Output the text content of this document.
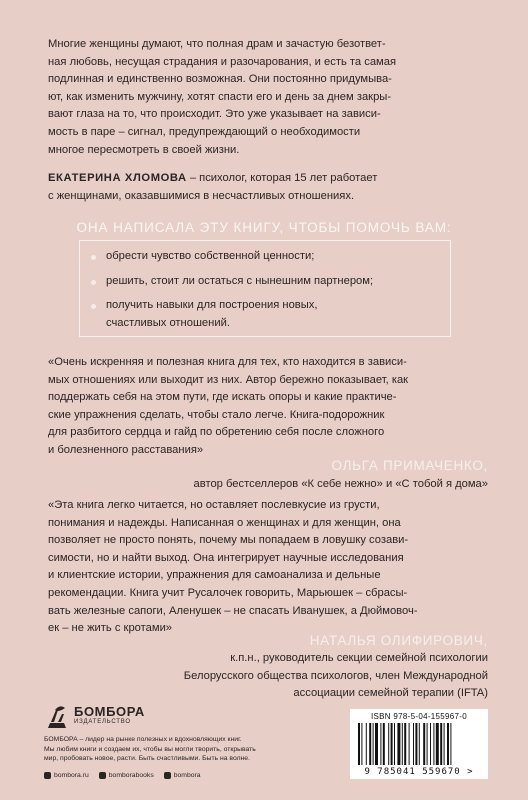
Многие женщины думают, что полная драм и зачастую безответ-
ная любовь, несущая страдания и разочарования, и есть та самая
подлинная и единственно возможная. Они постоянно придумыва-
ют, как изменить мужчину, хотят спасти его и день за днем закры-
вают глаза на то, что происходит. Это уже указывает на зависи-
мость в паре – сигнал, предупреждающий о необходимости
многое пересмотреть в своей жизни.
ЕКАТЕРИНА ХЛОМОВА – психолог, которая 15 лет работает
с женщинами, оказавшимися в несчастливых отношениях.
ОНА НАПИСАЛА ЭТУ КНИГУ, ЧТОБЫ ПОМОЧЬ ВАМ:
обрести чувство собственной ценности;
решить, стоит ли остаться с нынешним партнером;
получить навыки для построения новых,
счастливых отношений.
«Очень искренняя и полезная книга для тех, кто находится в зависи-
мых отношениях или выходит из них. Автор бережно показывает, как
поддержать себя на этом пути, где искать опоры и какие практиче-
ские упражнения сделать, чтобы стало легче. Книга-подорожник
для разбитого сердца и гайд по обретению себя после сложного
и болезненного расставания»
ОЛЬГА ПРИМАЧЕНКО,
автор бестселлеров «К себе нежно» и «С тобой я дома»
«Эта книга легко читается, но оставляет послевкусие из грусти,
понимания и надежды. Написанная о женщинах и для женщин, она
позволяет не просто понять, почему мы попадаем в ловушку созави-
симости, но и найти выход. Она интегрирует научные исследования
и клиентские истории, упражнения для самоанализа и дельные
рекомендации. Книга учит Русалочек говорить, Марьюшек – сбрасы-
вать железные сапоги, Аленушек – не спасать Иванушек, а Дюймовоч-
ек – не жить с кротами»
НАТАЛЬЯ ОЛИФИРОВИЧ,
к.п.н., руководитель секции семейной психологии
Белорусского общества психологов, член Международной
ассоциации семейной терапии (IFTA)
БОМБОРА
ИЗДАТЕЛЬСТВО
БОМБОРА – лидер на рынке полезных и вдохновляющих книг.
Мы любим книги и создаем их, чтобы вы могли творить, открывать
мир, пробовать новое, расти. Быть счастливыми. Быть на волне.
bombora.ru	bomborabooks	bombora
ISBN 978-5-04-155967-0
9 785041 559670 >
